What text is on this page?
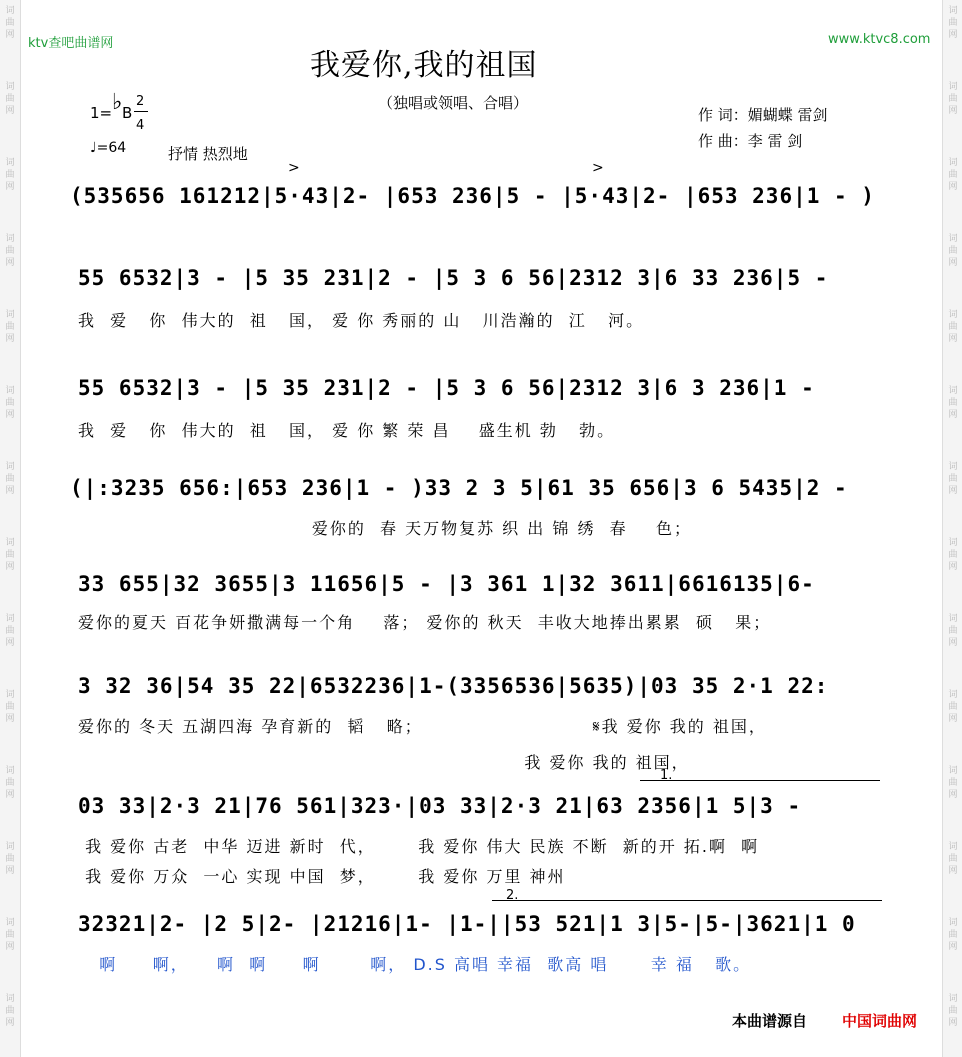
词
曲
网
词
曲
网
词
曲
网
词
曲
网
词
曲
网
词
曲
网
词
曲
网
词
曲
网
词
曲
网
词
曲
网
词
曲
网
词
曲
网
词
曲
网
词
曲
网
词
曲
网
词
曲
网
词
曲
网
词
曲
网
词
曲
网
词
曲
网
词
曲
网
词
曲
网
词
曲
网
词
曲
网
词
曲
网
词
曲
网
词
曲
网
词
曲
网
ktv查吧曲谱网	www.ktvc8.com
我爱你,我的祖国
（独唱或领唱、合唱）
作 词：媚蝴蝶 雷剑
作 曲：李 雷 剑
1= ♭ B
2
4
♩=64	抒情 热烈地
>	>
(535656 161212|5·43|2- |653 236|5 - |5·43|2- |653 236|1 - )
55 6532|3 - |5 35 231|2 - |5 3 6 56|2312 3|6 33 236|5 -
我  爱   你  伟大的  祖   国， 爱 你 秀丽的 山   川浩瀚的  江   河。
55 6532|3 - |5 35 231|2 - |5 3 6 56|2312 3|6 3 236|1 -
我  爱   你  伟大的  祖   国， 爱 你 繁 荣 昌    盛生机 勃   勃。
(|:3235 656:|653 236|1 - )33 2 3 5|61 35 656|3 6 5435|2 -
爱你的  春 天万物复苏 织 出 锦 绣  春    色；
33 655|32 3655|3 11656|5 - |3 361 1|32 3611|6616135|6-
爱你的夏天 百花争妍撒满每一个角    落； 爱你的 秋天  丰收大地捧出累累  硕   果；
3 32 36|54 35 22|6532236|1-(3356536|5635)|03 35 2·1 22:
爱你的 冬天 五湖四海 孕育新的  韬   略；                        𝄋我 爱你 我的 祖国，
我 爱你 我的 祖国，
1.
03 33|2·3 21|76 561|323·|03 33|2·3 21|63 2356|1 5|3 -
我 爱你 古老  中华 迈进 新时  代，      我 爱你 伟大 民族 不断  新的开 拓.啊  啊
我 爱你 万众  一心 实现 中国  梦，      我 爱你 万里 神州
2.
32321|2- |2 5|2- |21216|1- |1-||53 521|1 3|5-|5-|3621|1 0
啊     啊，    啊  啊     啊       啊， D.S 高唱 幸福  歌高 唱      幸 福   歌。
本曲谱源自 中国词曲网
